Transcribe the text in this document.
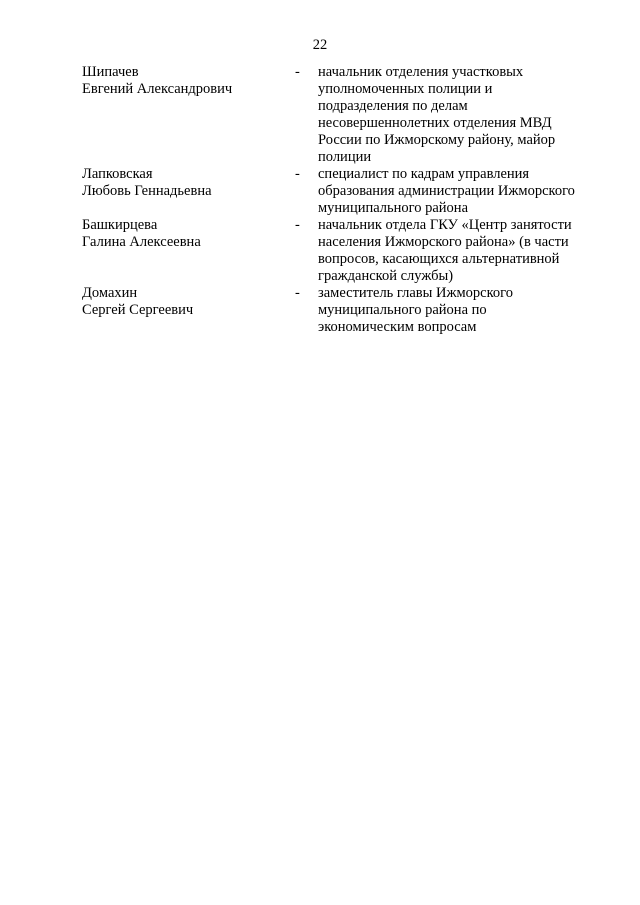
22
Шипачев
Евгений Александрович
-	начальник отделения участковых
уполномоченных полиции и
подразделения по делам
несовершеннолетних отделения МВД
России по Ижморскому району, майор
полиции
Лапковская
Любовь Геннадьевна
-	специалист по кадрам управления
образования администрации Ижморского
муниципального района
Башкирцева
Галина Алексеевна
-	начальник отдела ГКУ «Центр занятости
населения Ижморского района» (в части
вопросов, касающихся альтернативной
гражданской службы)
Домахин
Сергей Сергеевич
-	заместитель главы Ижморского
муниципального района по
экономическим вопросам
